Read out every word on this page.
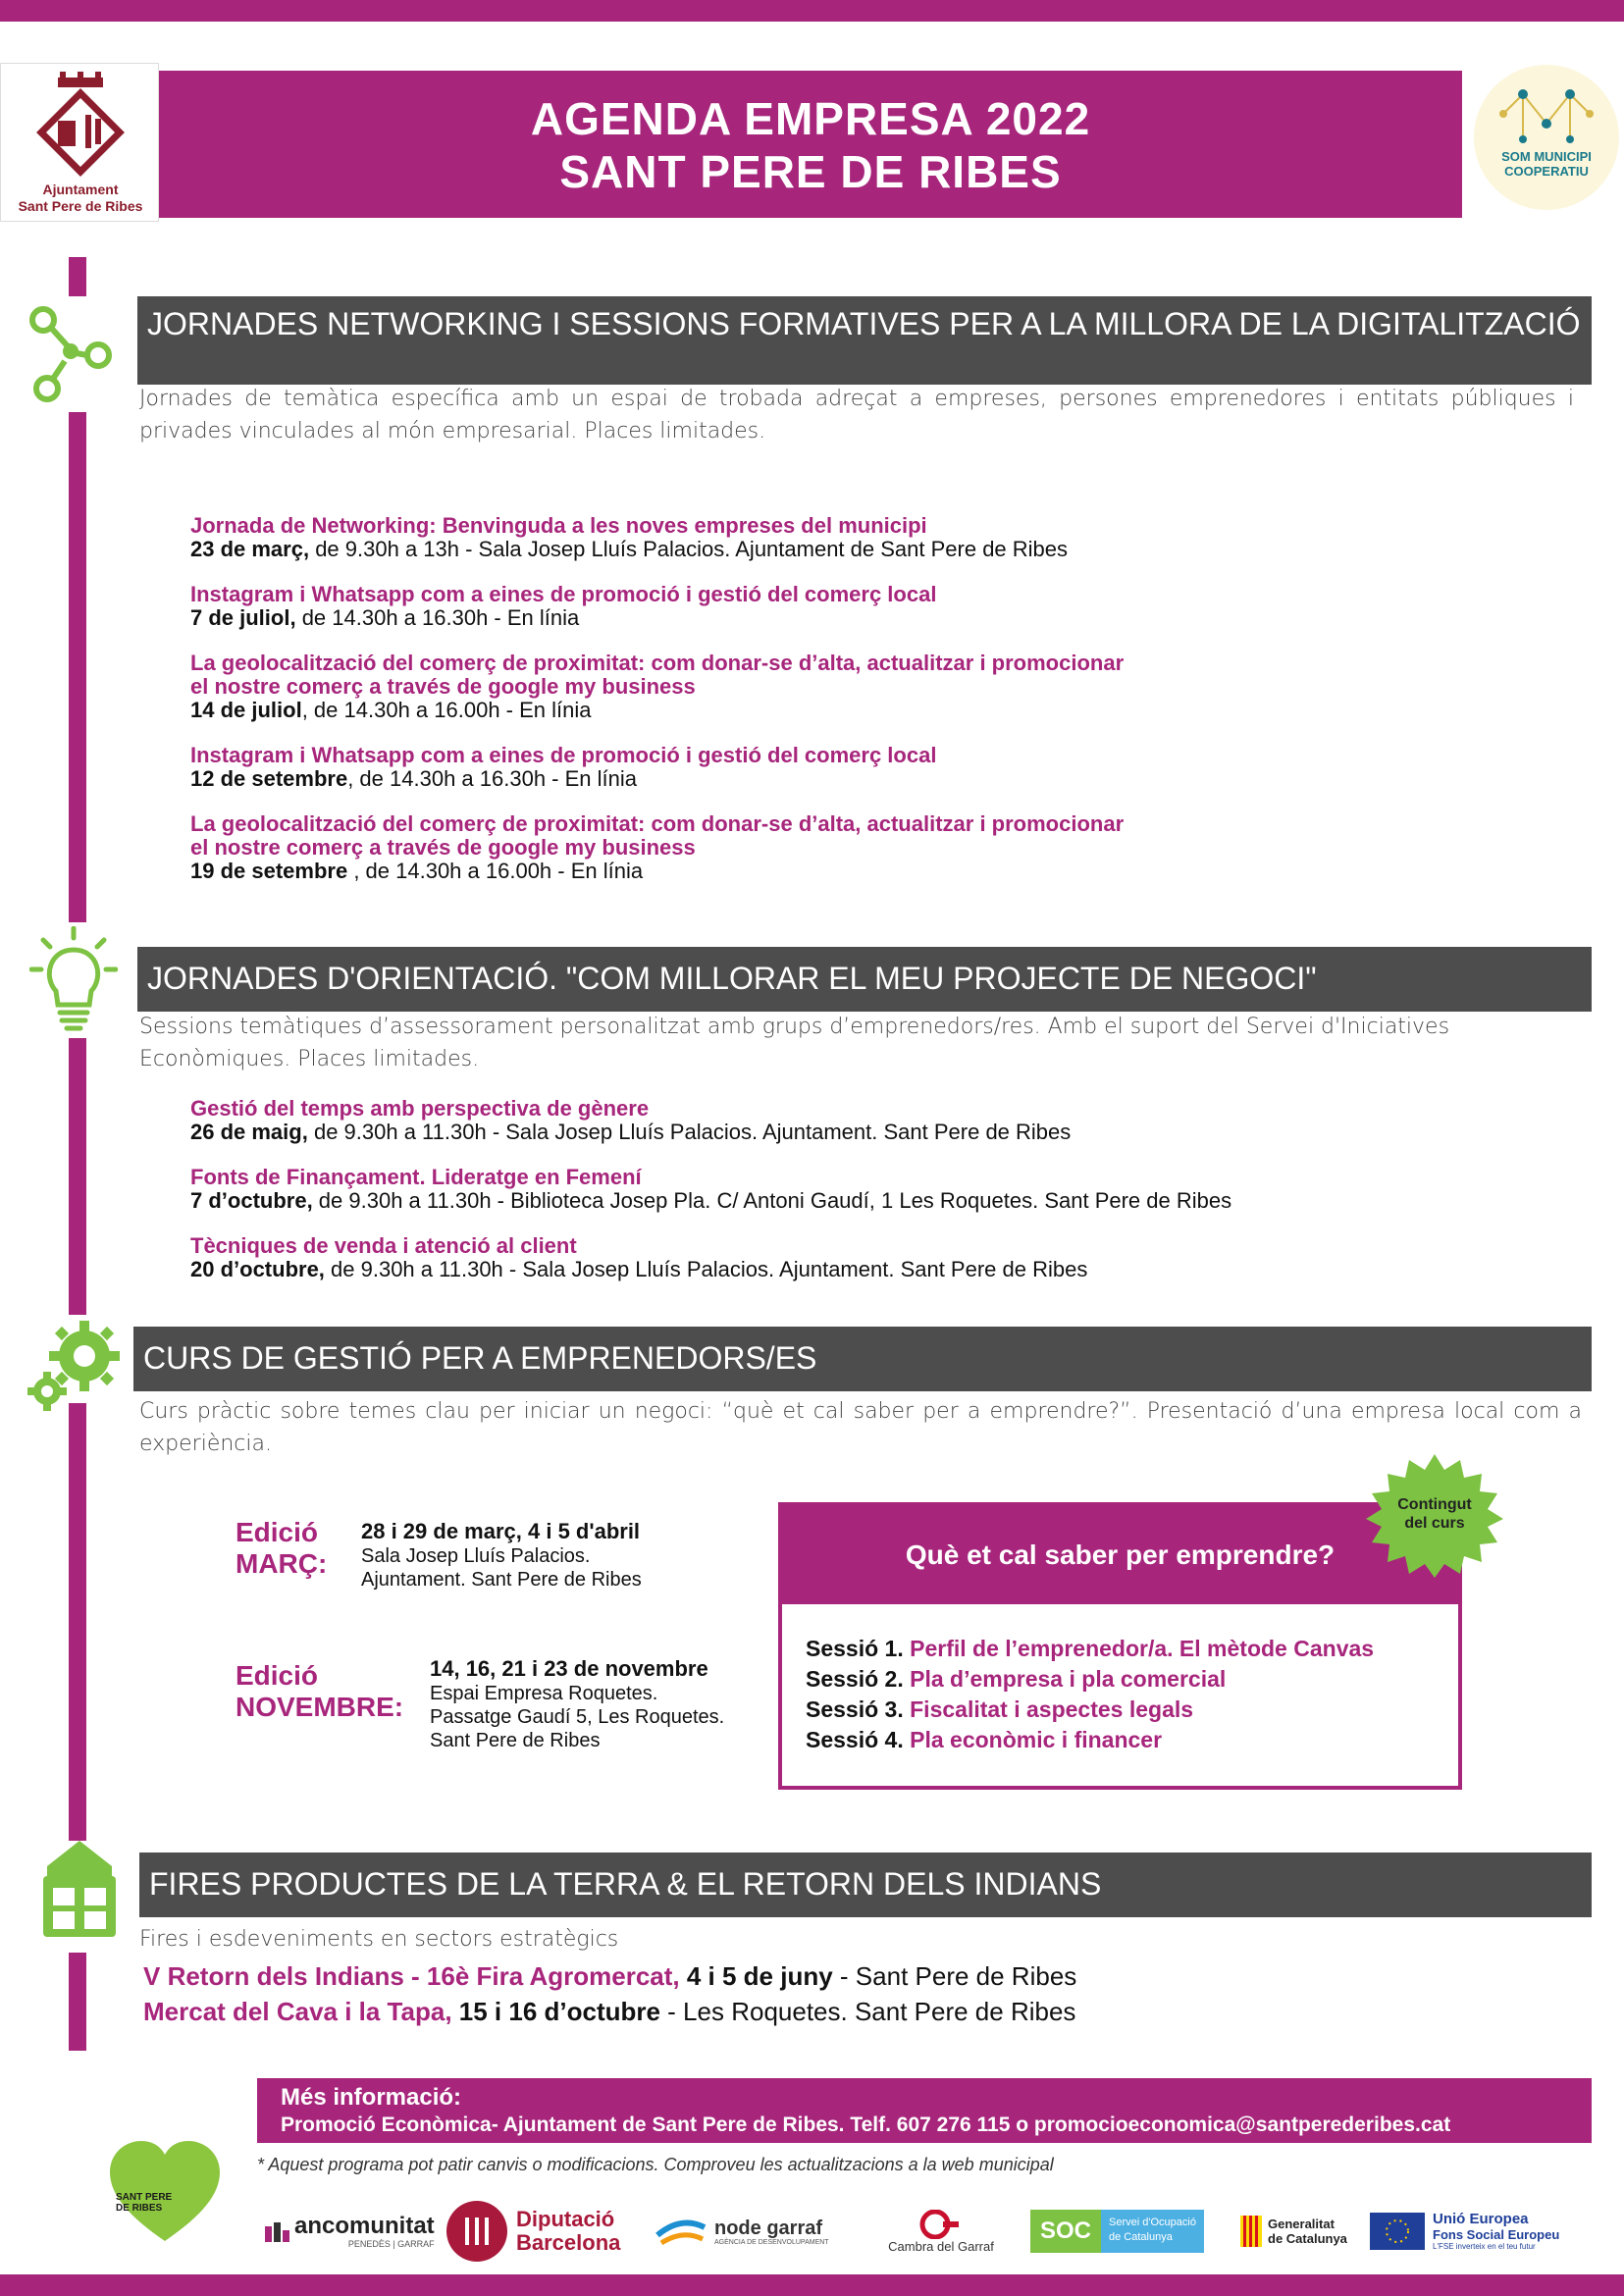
Ajuntament
Sant Pere de Ribes
AGENDA EMPRESA 2022
SANT PERE DE RIBES	SOM MUNICIPI
COOPERATIU
JORNADES NETWORKING I SESSIONS FORMATIVES PER A LA MILLORA DE LA DIGITALITZACIÓ
Jornades de temàtica específica amb un espai de trobada adreçat a empreses, persones emprenedores i entitats públiques i privades vinculades al món empresarial. Places limitades.
Jornada de Networking: Benvinguda a les noves empreses del municipi
23 de març, de 9.30h a 13h - Sala Josep Lluís Palacios. Ajuntament de Sant Pere de Ribes
Instagram i Whatsapp com a eines de promoció i gestió del comerç local
7 de juliol, de 14.30h a 16.30h - En línia
La geolocalització del comerç de proximitat: com donar-se d’alta, actualitzar i promocionar
el nostre comerç a través de google my business
14 de juliol, de 14.30h a 16.00h - En línia
Instagram i Whatsapp com a eines de promoció i gestió del comerç local
12 de setembre, de 14.30h a 16.30h - En línia
La geolocalització del comerç de proximitat: com donar-se d’alta, actualitzar i promocionar
el nostre comerç a través de google my business
19 de setembre , de 14.30h a 16.00h - En línia
JORNADES D'ORIENTACIÓ. "COM MILLORAR EL MEU PROJECTE DE NEGOCI"
Sessions temàtiques d’assessorament personalitzat amb grups d’emprenedors/res. Amb el suport del Servei d'Iniciatives Econòmiques. Places limitades.
Gestió del temps amb perspectiva de gènere
26 de maig, de 9.30h a 11.30h - Sala Josep Lluís Palacios. Ajuntament. Sant Pere de Ribes
Fonts de Finançament. Lideratge en Femení
7 d’octubre, de 9.30h a 11.30h - Biblioteca Josep Pla. C/ Antoni Gaudí, 1 Les Roquetes. Sant Pere de Ribes
Tècniques de venda i atenció al client
20 d’octubre, de 9.30h a 11.30h - Sala Josep Lluís Palacios. Ajuntament. Sant Pere de Ribes
CURS DE GESTIÓ PER A EMPRENEDORS/ES
Curs pràctic sobre temes clau per iniciar un negoci: “què et cal saber per a emprendre?”. Presentació d’una empresa local com a experiència.
Edició
MARÇ:
28 i 29 de març, 4 i 5 d'abril
Sala Josep Lluís Palacios.
Ajuntament. Sant Pere de Ribes
Edició
NOVEMBRE:
14, 16, 21 i 23 de novembre
Espai Empresa Roquetes.
Passatge Gaudí 5, Les Roquetes.
Sant Pere de Ribes
Què et cal saber per emprendre?
Sessió 1. Perfil de l’emprenedor/a. El mètode Canvas
Sessió 2. Pla d’empresa i pla comercial
Sessió 3. Fiscalitat i aspectes legals
Sessió 4. Pla econòmic i financer
Contingut
del curs
FIRES PRODUCTES DE LA TERRA & EL RETORN DELS INDIANS
Fires i esdeveniments en sectors estratègics
V Retorn dels Indians - 16è Fira Agromercat, 4 i 5 de juny - Sant Pere de Ribes
Mercat del Cava i la Tapa, 15 i 16 d’octubre - Les Roquetes. Sant Pere de Ribes
Més informació:
Promoció Econòmica- Ajuntament de Sant Pere de Ribes. Telf. 607 276 115 o promocioeconomica@santperederibes.cat
* Aquest programa pot patir canvis o modificacions. Comproveu les actualitzacions a la web municipal
SANT PERE
DE RIBES
ancomunitat
PENEDÈS | GARRAF
Diputació
Barcelona
node garraf
AGÈNCIA DE DESENVOLUPAMENT	Cambra del Garraf
SOC	Servei d'Ocupació
de Catalunya
Generalitat
de Catalunya
Unió Europea
Fons Social Europeu
L'FSE inverteix en el teu futur
